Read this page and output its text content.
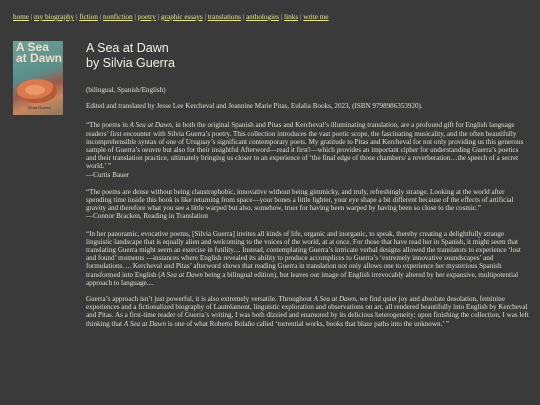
home | my biography | fiction | nonfiction | poetry | graphic essays | translations | anthologies | links | write me
A Sea at Dawn
Silvia Guerra
A Sea at Dawn
by Silvia Guerra

(bilingual, Spanish/English)

Edited and translated by Jesse Lee Kercheval and Jeannine Marie Pitas, Eulalia Books, 2023, (ISBN 9798986353920).

“The poems in A Sea at Dawn, in both the original Spanish and Pitas and Kercheval’s illuminating translation, are a profound gift for English language readers’ first encounter with Silvia Guerra’s poetry. This collection introduces the vast poetic scope, the fascinating musicality, and the often beautifully incomprehensible syntax of one of Uruguay’s significant contemporary poets. My gratitude to Pitas and Kercheval for not only providing us this generous sample of Guerra’s oeuvre but also for their insightful Afterword—read it first!—which provides an important cipher for understanding Guerra’s poetics and their translation practice, ultimately bringing us closer to an experience of ‘the final edge of those chambers/ a reverberation…the speech of a secret world.’ ”

—Curtis Bauer

“The poems are dense without being claustrophobic, innovative without being gimmicky, and truly, refreshingly strange. Looking at the world after spending time inside this book is like returning from space—your bones a little lighter, your eye shape a bit different because of the effects of artificial gravity and therefore what you see a little warped but also, somehow, truer for having been warped by having been so close to the cosmic.”

—Connor Bracken, Reading in Translation

“In her panoramic, evocative poems, [Silvia Guerra] invites all kinds of life, organic and inorganic, to speak, thereby creating a delightfully strange linguistic landscape that is equally alien and welcoming to the voices of the world, at at once. For those that have read her in Spanish, it might seem that translating Guerra might seem an exercise in futility.... Instead, contemplating Guerra’s intricate verbal designs allowed the translators to experience ‘lost and found’ moments —instances where English revealed its ability to produce accomplices to Guerra’s ‘extremely innovative soundscapes’ and formulations. ... Kercheval and Pitas’ afterword shows that reading Guerra in translation not only allows one to experience her mysterious Spanish transformed into English (A Sea at Dawn being a bilingual edition), but leaves our image of English irrevocably altered by her expansive, multipotential approach to language....

Guerra’s approach isn’t just powerful, it is also extremely versatile. Throughout A Sea at Dawn, we find quiet joy and absolute desolation, feminine experiences and a fictionalized biography of Lautréamont, linguistic exploration and observations on art, all rendered beautifully into English by Kercheval and Pitas. As a first-time reader of Guerra’s writing, I was both dizzied and enamored by its delicious heterogeneity; upon finishing the collection, I was left thinking that A Sea at Dawn is one of what Roberto Bolaño called ‘torrential works, books that blaze paths into the unknown.’ ”
